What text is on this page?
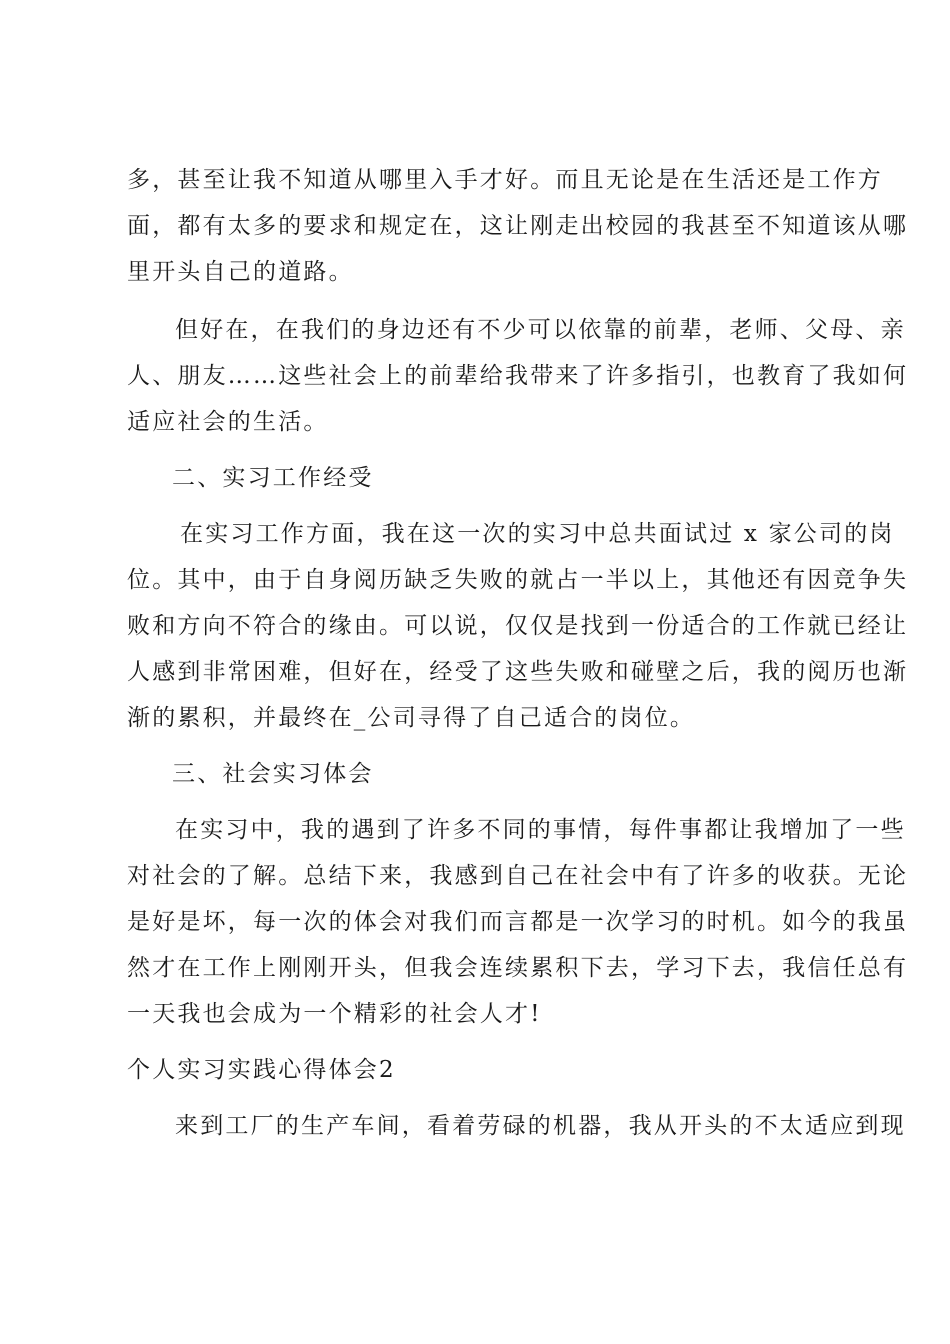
多，甚至让我不知道从哪里入手才好。而且无论是在生活还是工作方

面，都有太多的要求和规定在，这让刚走出校园的我甚至不知道该从哪

里开头自己的道路。

但好在，在我们的身边还有不少可以依靠的前辈，老师、父母、亲

人、朋友……这些社会上的前辈给我带来了许多指引，也教育了我如何

适应社会的生活。

二、实习工作经受

在实习工作方面，我在这一次的实习中总共面试过 x 家公司的岗

位。其中，由于自身阅历缺乏失败的就占一半以上，其他还有因竞争失

败和方向不符合的缘由。可以说，仅仅是找到一份适合的工作就已经让

人感到非常困难，但好在，经受了这些失败和碰壁之后，我的阅历也渐

渐的累积，并最终在_公司寻得了自己适合的岗位。

三、社会实习体会

在实习中，我的遇到了许多不同的事情，每件事都让我增加了一些

对社会的了解。总结下来，我感到自己在社会中有了许多的收获。无论

是好是坏，每一次的体会对我们而言都是一次学习的时机。如今的我虽

然才在工作上刚刚开头，但我会连续累积下去，学习下去，我信任总有

一天我也会成为一个精彩的社会人才!

个人实习实践心得体会2

来到工厂的生产车间，看着劳碌的机器，我从开头的不太适应到现
